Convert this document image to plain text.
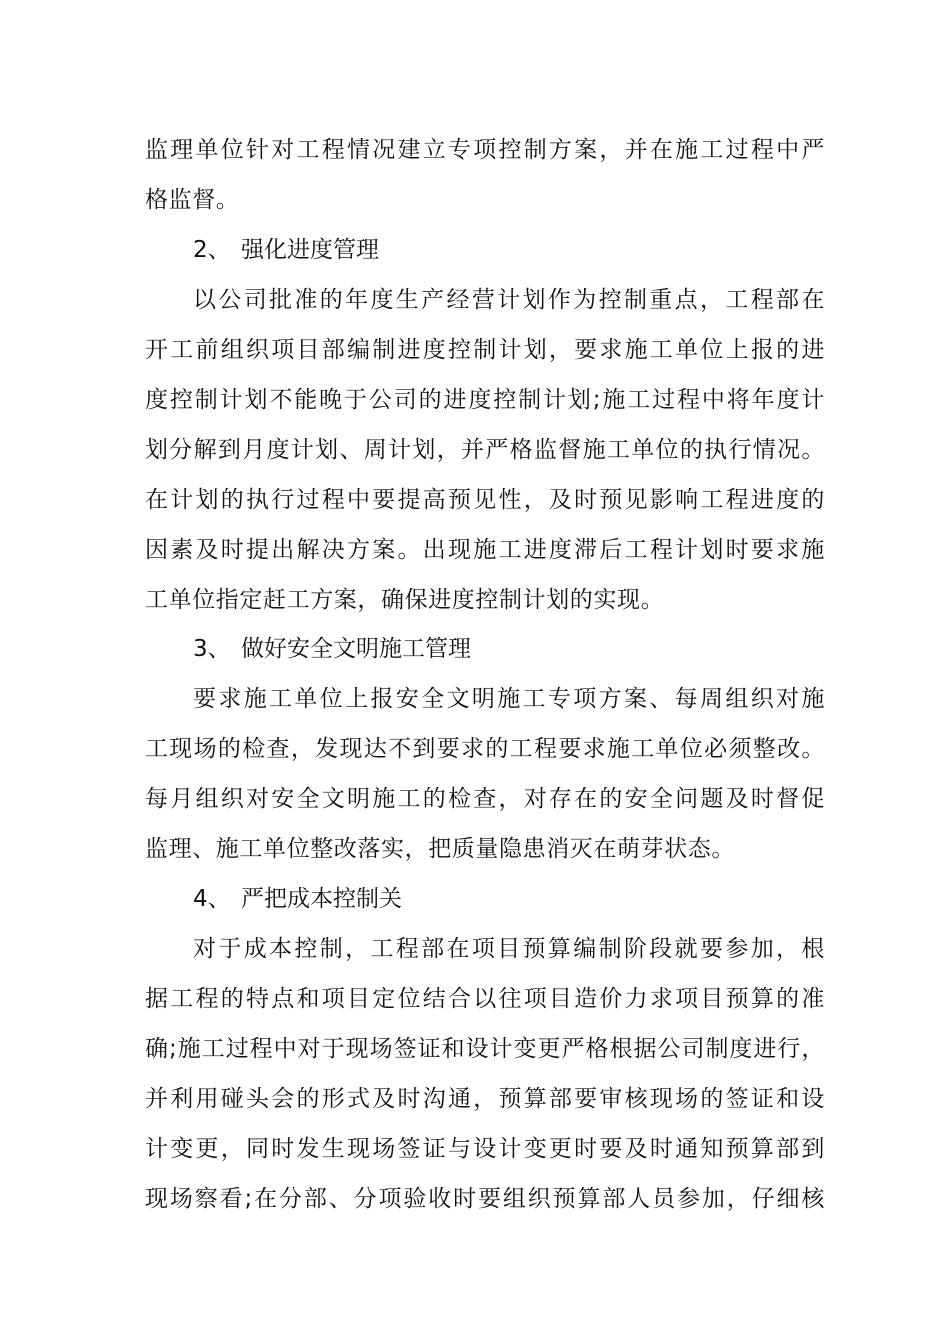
监理单位针对工程情况建立专项控制方案，并在施工过程中严
格监督。
2、 强化进度管理
以公司批准的年度生产经营计划作为控制重点，工程部在
开工前组织项目部编制进度控制计划，要求施工单位上报的进
度控制计划不能晚于公司的进度控制计划;施工过程中将年度计
划分解到月度计划、周计划，并严格监督施工单位的执行情况。
在计划的执行过程中要提高预见性，及时预见影响工程进度的
因素及时提出解决方案。出现施工进度滞后工程计划时要求施
工单位指定赶工方案，确保进度控制计划的实现。
3、 做好安全文明施工管理
要求施工单位上报安全文明施工专项方案、每周组织对施
工现场的检查，发现达不到要求的工程要求施工单位必须整改。
每月组织对安全文明施工的检查，对存在的安全问题及时督促
监理、施工单位整改落实，把质量隐患消灭在萌芽状态。
4、 严把成本控制关
对于成本控制，工程部在项目预算编制阶段就要参加，根
据工程的特点和项目定位结合以往项目造价力求项目预算的准
确;施工过程中对于现场签证和设计变更严格根据公司制度进行，
并利用碰头会的形式及时沟通，预算部要审核现场的签证和设
计变更，同时发生现场签证与设计变更时要及时通知预算部到
现场察看;在分部、分项验收时要组织预算部人员参加，仔细核
